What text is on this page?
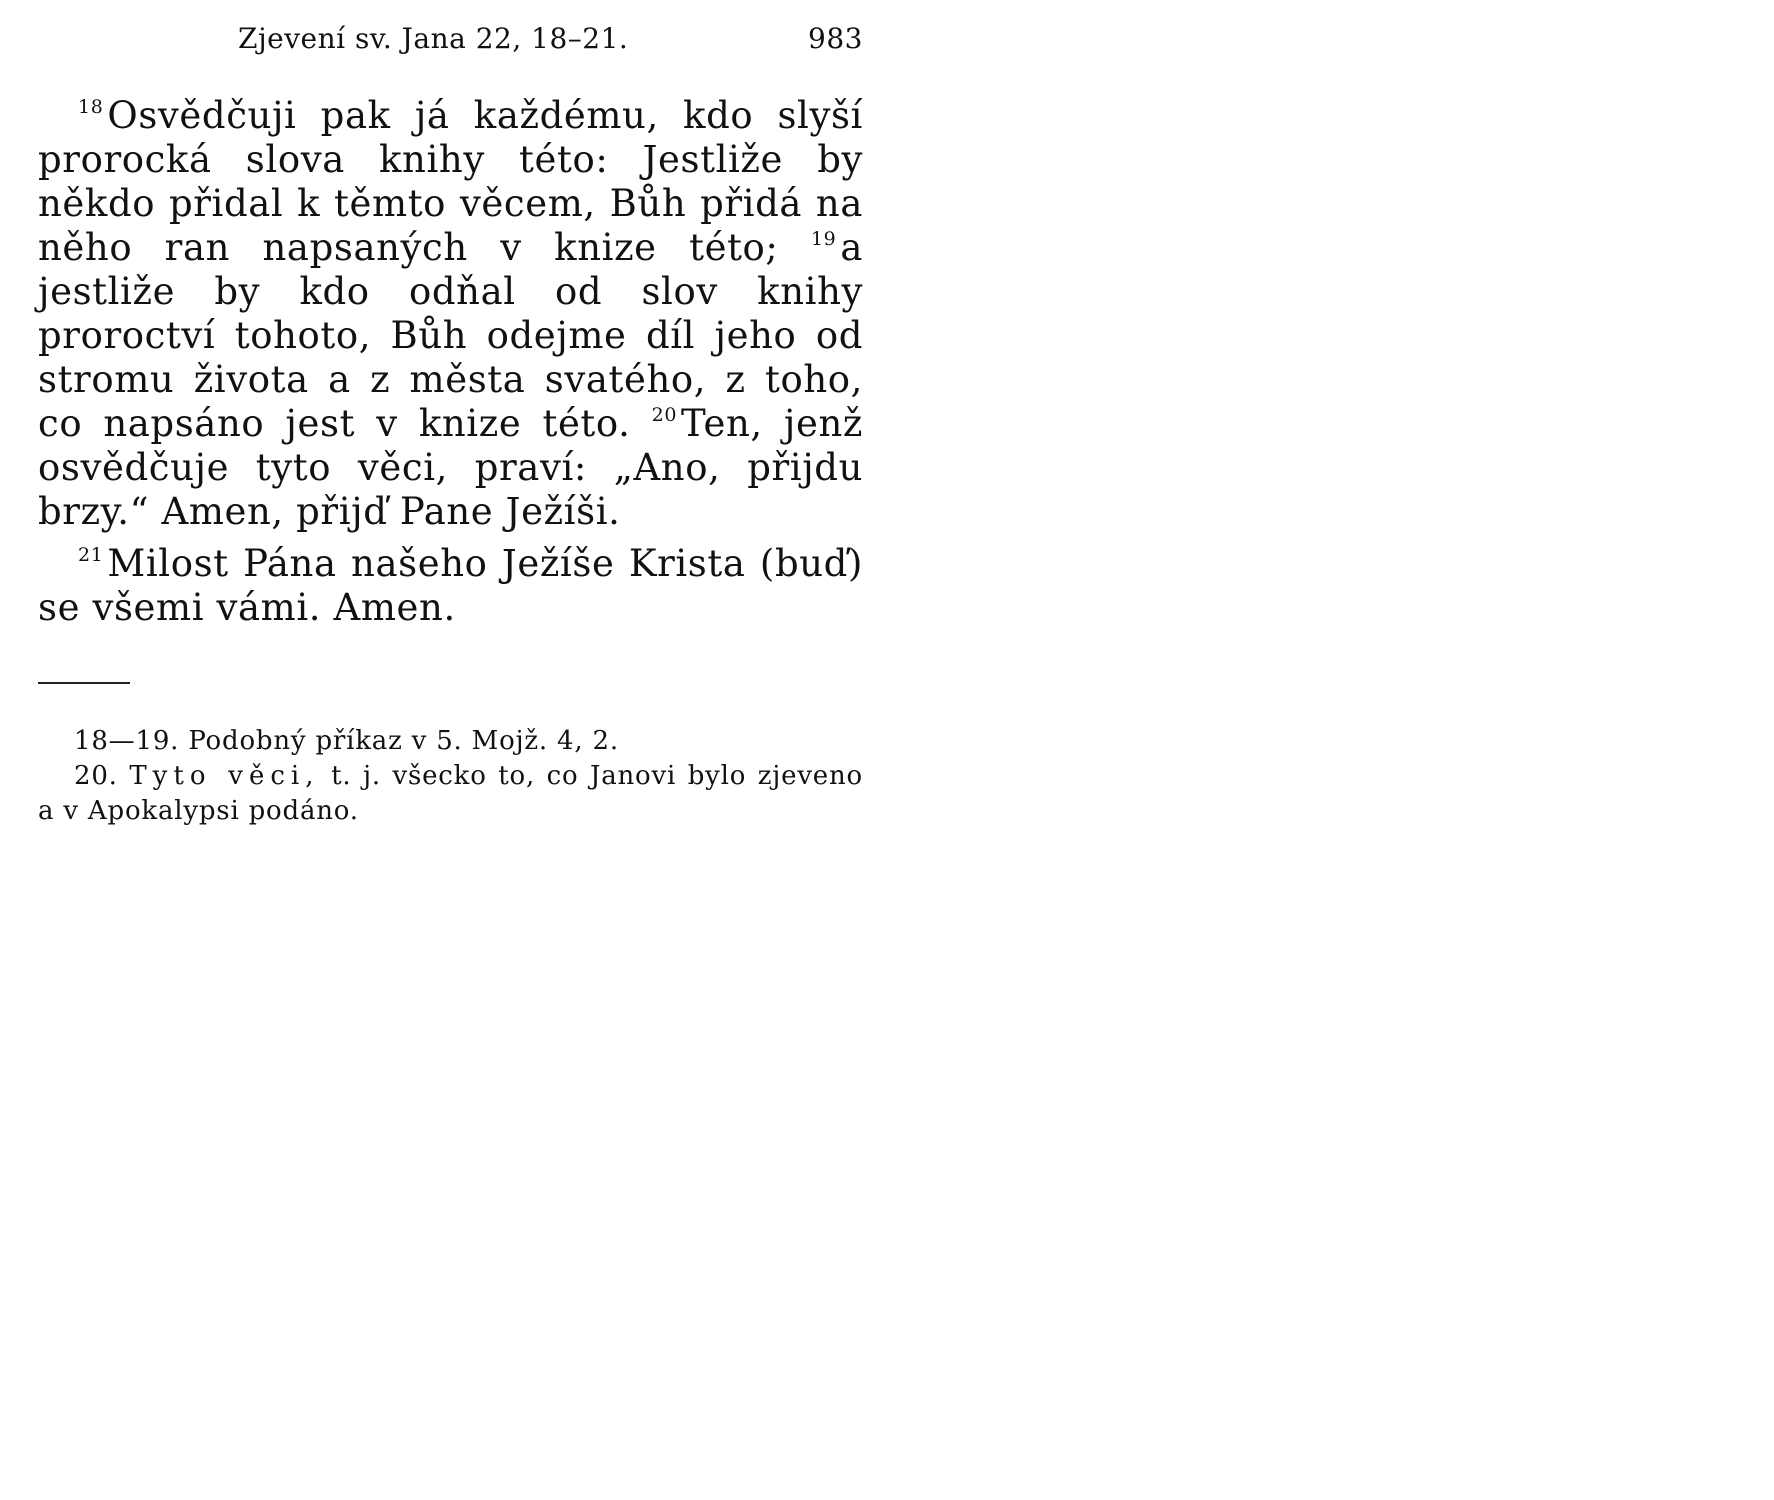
Zjevení sv. Jana 22, 18–21.	983

$^{18}$ Osvědčuji pak já každému, kdo slyší prorocká slova knihy této: Jestliže by někdo přidal k těmto věcem, Bůh přidá na něho ran napsaných v knize této; $^{19}$ a jestliže by kdo odňal od slov knihy proroctví tohoto, Bůh odejme díl jeho od stromu života a z města svatého, z toho, co napsáno jest v knize této. $^{20}$ Ten, jenž osvědčuje tyto věci, praví: „Ano, přijdu brzy.“ Amen, přijď Pane Ježíši.

$^{21}$ Milost Pána našeho Ježíše Krista (buď) se všemi vámi. Amen.

18—19. Podobný příkaz v 5. Mojž. 4, 2.

20. Tyto věci, t. j. všecko to, co Janovi bylo zjeveno a v Apokalypsi podáno.
